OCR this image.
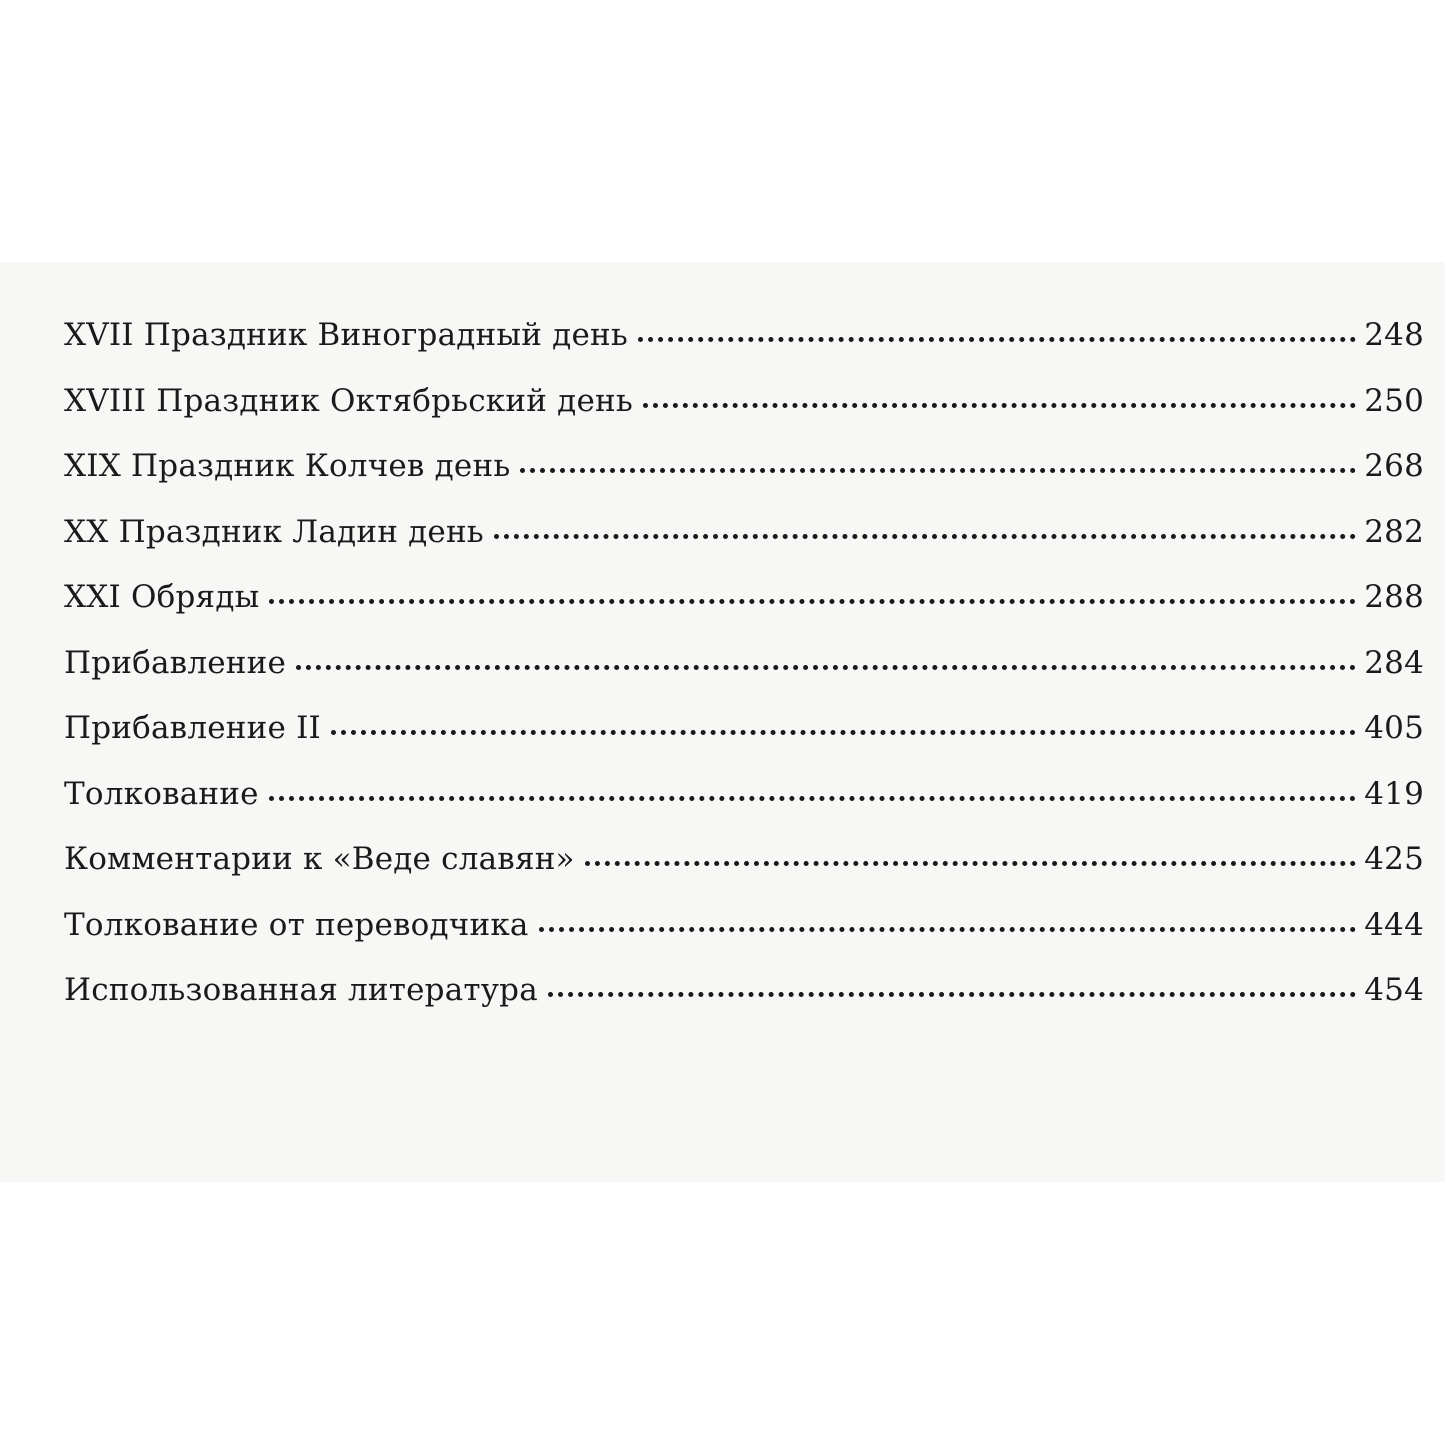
XVII Праздник Виноградный день	248
XVIII Праздник Октябрьский день	250
XIX Праздник Колчев день	268
XX Праздник Ладин день	282
XXI Обряды	288
Прибавление	284
Прибавление II	405
Толкование	419
Комментарии к «Веде славян»	425
Толкование от переводчика	444
Использованная литература	454
